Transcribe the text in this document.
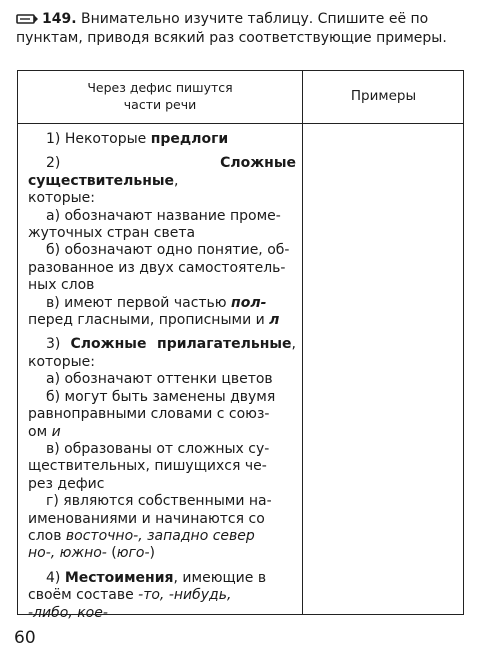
149. Внимательно изучите таблицу. Спишите её по пунктам, приводя всякий раз соответствующие примеры.
Через дефис пишутся
части речи
Примеры

1) Некоторые предлоги

2) Сложные существительные,

которые:

а) обозначают название проме-

жуточных стран света

б) обозначают одно понятие, об-

разованное из двух самостоятель-

ных слов

в) имеют первой частью пол-

перед гласными, прописными и л

3) Сложные прилагательные,

которые:

а) обозначают оттенки цветов

б) могут быть заменены двумя

равноправными словами с союз-

ом и

в) образованы от сложных су-

ществительных, пишущихся че-

рез дефис

г) являются собственными на-

именованиями и начинаются со

слов восточно-, западно север

но-, южно- (юго-)

4) Местоимения, имеющие в

своём составе -то, -нибудь,

-либо, кое-

60
